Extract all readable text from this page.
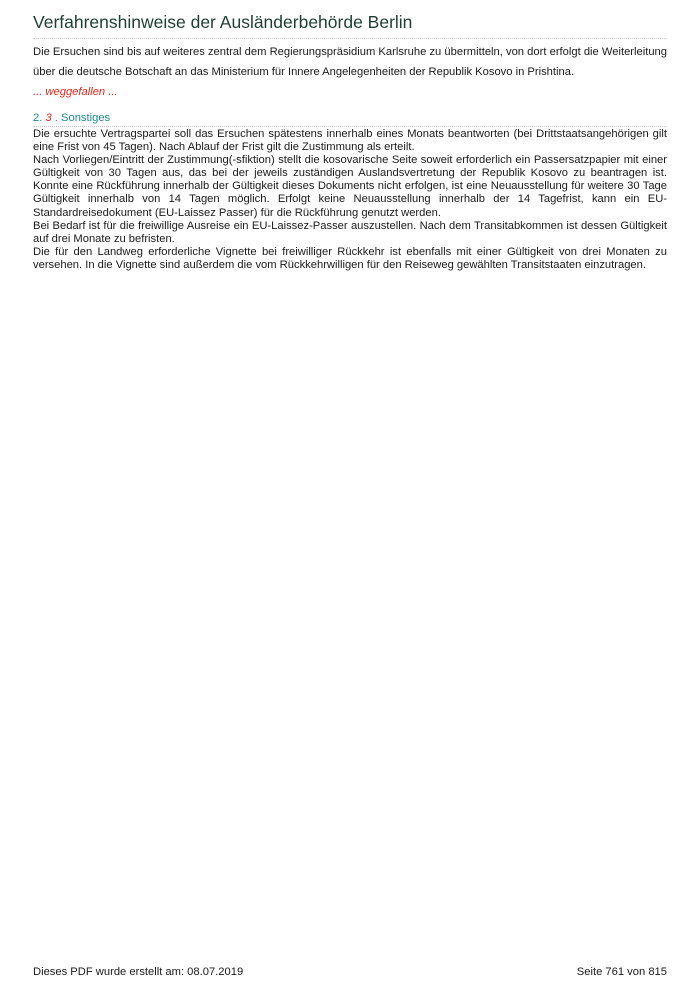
Verfahrenshinweise der Ausländerbehörde Berlin
Die Ersuchen sind bis auf weiteres zentral dem Regierungspräsidium Karlsruhe zu übermitteln, von dort erfolgt die Weiterleitung über die deutsche Botschaft an das Ministerium für Innere Angelegenheiten der Republik Kosovo in Prishtina.
... weggefallen ...
2. 3 . Sonstiges

Die ersuchte Vertragspartei soll das Ersuchen spätestens innerhalb eines Monats beantworten (bei Drittstaatsangehörigen gilt eine Frist von 45 Tagen). Nach Ablauf der Frist gilt die Zustimmung als erteilt.

Nach Vorliegen/Eintritt der Zustimmung(-sfiktion) stellt die kosovarische Seite soweit erforderlich ein Passersatzpapier mit einer Gültigkeit von 30 Tagen aus, das bei der jeweils zuständigen Auslandsvertretung der Republik Kosovo zu beantragen ist. Konnte eine Rückführung innerhalb der Gültigkeit dieses Dokuments nicht erfolgen, ist eine Neuausstellung für weitere 30 Tage Gültigkeit innerhalb von 14 Tagen möglich. Erfolgt keine Neuausstellung innerhalb der 14 Tagefrist, kann ein EU-Standardreisedokument (EU-Laissez Passer) für die Rückführung genutzt werden.

Bei Bedarf ist für die freiwillige Ausreise ein EU-Laissez-Passer auszustellen. Nach dem Transitabkommen ist dessen Gültigkeit auf drei Monate zu befristen.

Die für den Landweg erforderliche Vignette bei freiwilliger Rückkehr ist ebenfalls mit einer Gültigkeit von drei Monaten zu versehen. In die Vignette sind außerdem die vom Rückkehrwilligen für den Reiseweg gewählten Transitstaaten einzutragen.

Dieses PDF wurde erstellt am: 08.07.2019	Seite 761 von 815
